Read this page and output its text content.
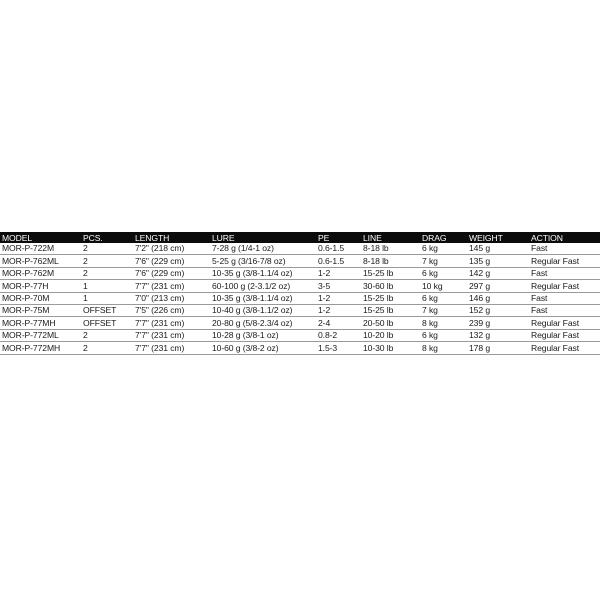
MODEL	PCS.	LENGTH	LURE	PE	LINE	DRAG	WEIGHT	ACTION
MOR-P-722M	2	7'2" (218 cm)	7-28 g (1/4-1 oz)	0.6-1.5	8-18 lb	6 kg	145 g	Fast
MOR-P-762ML	2	7'6" (229 cm)	5-25 g (3/16-7/8 oz)	0.6-1.5	8-18 lb	7 kg	135 g	Regular Fast
MOR-P-762M	2	7'6" (229 cm)	10-35 g (3/8-1.1/4 oz)	1-2	15-25 lb	6 kg	142 g	Fast
MOR-P-77H	1	7'7" (231 cm)	60-100 g (2-3.1/2 oz)	3-5	30-60 lb	10 kg	297 g	Regular Fast
MOR-P-70M	1	7'0" (213 cm)	10-35 g (3/8-1.1/4 oz)	1-2	15-25 lb	6 kg	146 g	Fast
MOR-P-75M	OFFSET	7'5" (226 cm)	10-40 g (3/8-1.1/2 oz)	1-2	15-25 lb	7 kg	152 g	Fast
MOR-P-77MH	OFFSET	7'7" (231 cm)	20-80 g (5/8-2.3/4 oz)	2-4	20-50 lb	8 kg	239 g	Regular Fast
MOR-P-772ML	2	7'7" (231 cm)	10-28 g (3/8-1 oz)	0.8-2	10-20 lb	6 kg	132 g	Regular Fast
MOR-P-772MH	2	7'7" (231 cm)	10-60 g (3/8-2 oz)	1.5-3	10-30 lb	8 kg	178 g	Regular Fast
